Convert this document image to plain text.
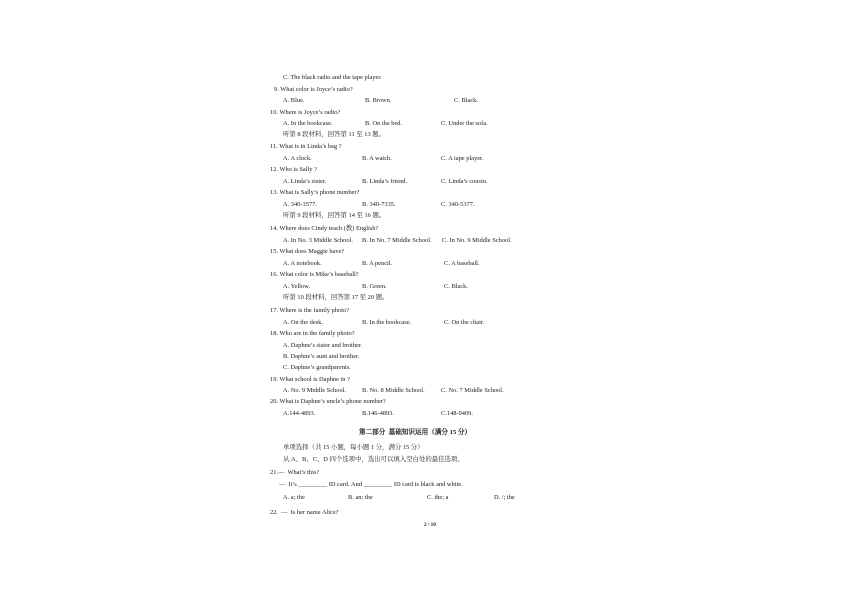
C. The black radio and the tape player.
9. What color is Joyce’s radio?
A. Blue.	B. Brown.	C. Black.
10. Where is Joyce’s radio?
A. In the bookcase.	B. On the bed.	C. Under the sofa.
听第 8 段材料，回答第 11 至 13 题。
11. What is in Linda’s bag ?
A. A clock.	B. A watch.	C. A tape player.
12. Who is Sally ?
A. Linda’s sister.	B. Linda’s friend.	C. Linda’s cousin.
13. What is Sally’s phone number?
A. 340-3577.	B. 340-7335.	C. 340-5377.
听第 9 段材料，回答第 14 至 16 题。
14. Where does Cindy teach (教) English?
A. In No. 3 Middle School. B. In No. 7 Middle School. C. In No. 9 Middle School.
15. What does Maggie have?
A. A notebook.	B. A pencil.	C. A baseball.
16. What color is Mike’s baseball?
A. Yellow.	B. Green.	C. Black.
听第 10 段材料，回答第 17 至 20 题。
17. Where is the family photo?
A. On the desk.	B. In the bookcase.	C. On the chair.
18. Who are in the family photo?
A. Daphne’s sister and brother.
B. Daphne’s aunt and brother.
C. Daphne’s grandparents.
19. What school is Daphne in ?
A. No. 9 Middle School. B. No. 8 Middle School.	C. No. 7 Middle School.
20. What is Daphne’s uncle’s phone number?
A.144-4893.	B.146-4893.	C.148-9409.
单项选择（共 15 小题，每小题 1 分，满分 15 分）
从 A、B、C、D 四个选项中，选出可以填入空白处的最佳选项。
21.—  What’s this?
—  It’s _________ ID card. And _________ ID card is black and white.
A. a; the	B. an; the	C. the; a	D. /; the
22.  —  Is her name Alice?
第二部分  基础知识运用（满分 15 分）
2 / 10
